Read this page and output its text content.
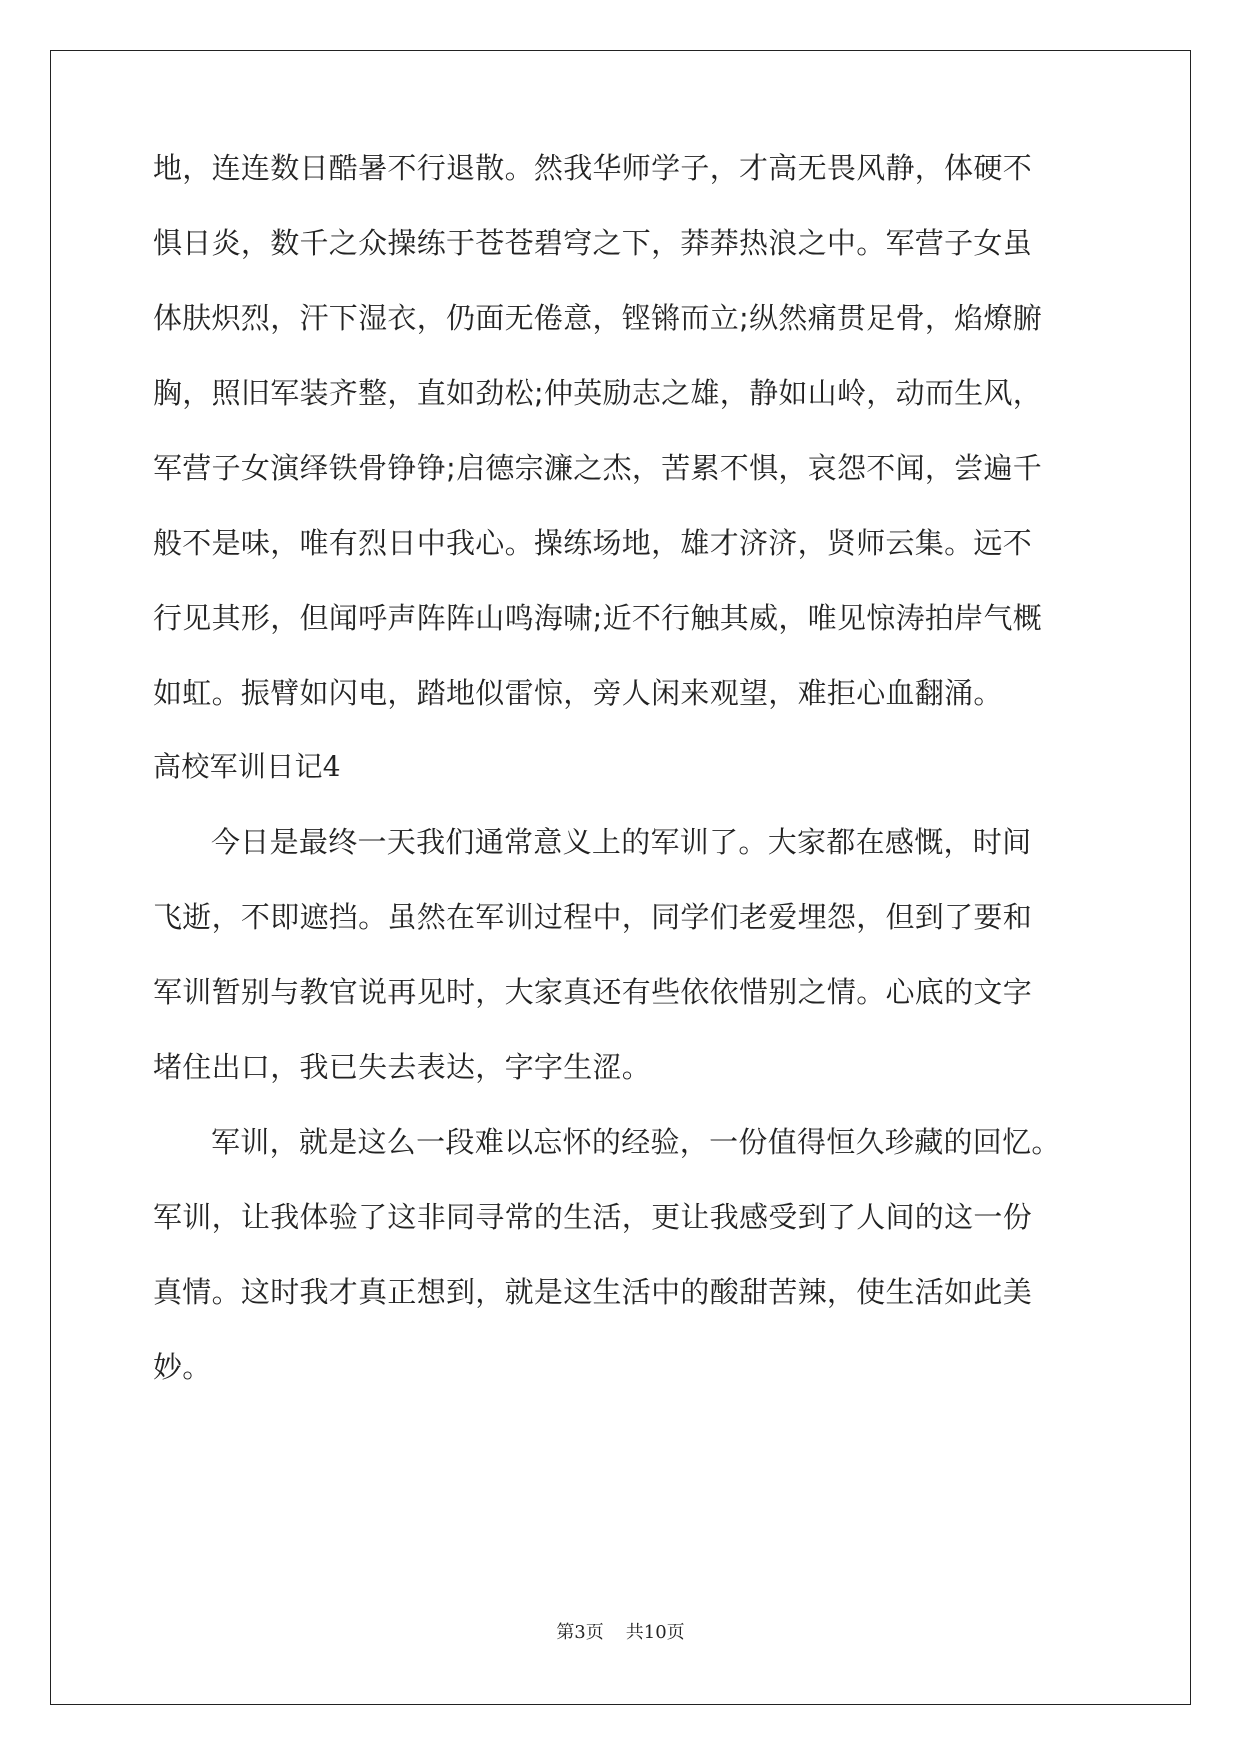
地，连连数日酷暑不行退散。然我华师学子，才高无畏风静，体硬不
惧日炎，数千之众操练于苍苍碧穹之下，莽莽热浪之中。军营子女虽
体肤炽烈，汗下湿衣，仍面无倦意，铿锵而立;纵然痛贯足骨，焰燎腑
胸，照旧军装齐整，直如劲松;仲英励志之雄，静如山岭，动而生风，
军营子女演绎铁骨铮铮;启德宗濂之杰，苦累不惧，哀怨不闻，尝遍千
般不是味，唯有烈日中我心。操练场地，雄才济济，贤师云集。远不
行见其形，但闻呼声阵阵山鸣海啸;近不行触其威，唯见惊涛拍岸气概
如虹。振臂如闪电，踏地似雷惊，旁人闲来观望，难拒心血翻涌。
高校军训日记4
今日是最终一天我们通常意义上的军训了。大家都在感慨，时间
飞逝，不即遮挡。虽然在军训过程中，同学们老爱埋怨，但到了要和
军训暂别与教官说再见时，大家真还有些依依惜别之情。心底的文字
堵住出口，我已失去表达，字字生涩。
军训，就是这么一段难以忘怀的经验，一份值得恒久珍藏的回忆。
军训，让我体验了这非同寻常的生活，更让我感受到了人间的这一份
真情。这时我才真正想到，就是这生活中的酸甜苦辣，使生活如此美
妙。
第3页 共10页
